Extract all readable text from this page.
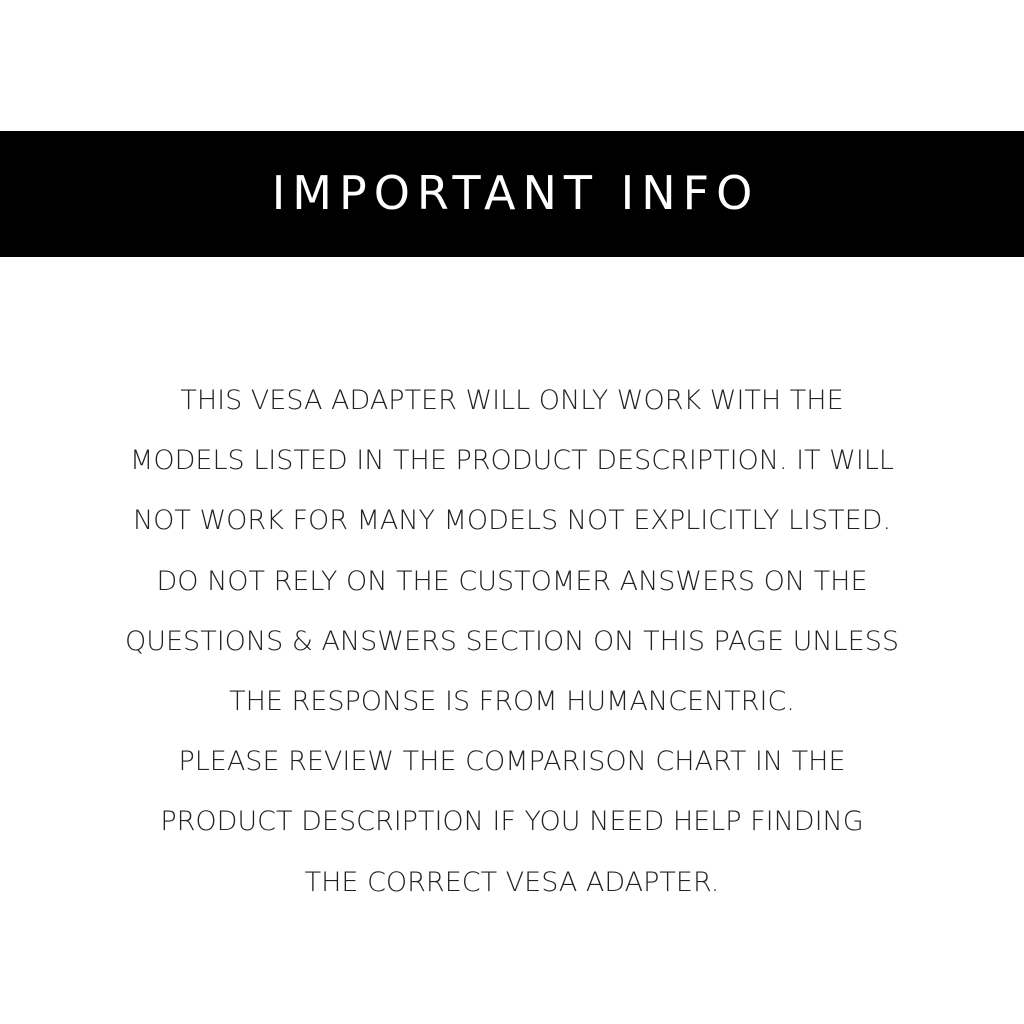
IMPORTANT INFO
THIS VESA ADAPTER WILL ONLY WORK WITH THE
MODELS LISTED IN THE PRODUCT DESCRIPTION. IT WILL
NOT WORK FOR MANY MODELS NOT EXPLICITLY LISTED.
DO NOT RELY ON THE CUSTOMER ANSWERS ON THE
QUESTIONS & ANSWERS SECTION ON THIS PAGE UNLESS
THE RESPONSE IS FROM HUMANCENTRIC.
PLEASE REVIEW THE COMPARISON CHART IN THE
PRODUCT DESCRIPTION IF YOU NEED HELP FINDING
THE CORRECT VESA ADAPTER.
